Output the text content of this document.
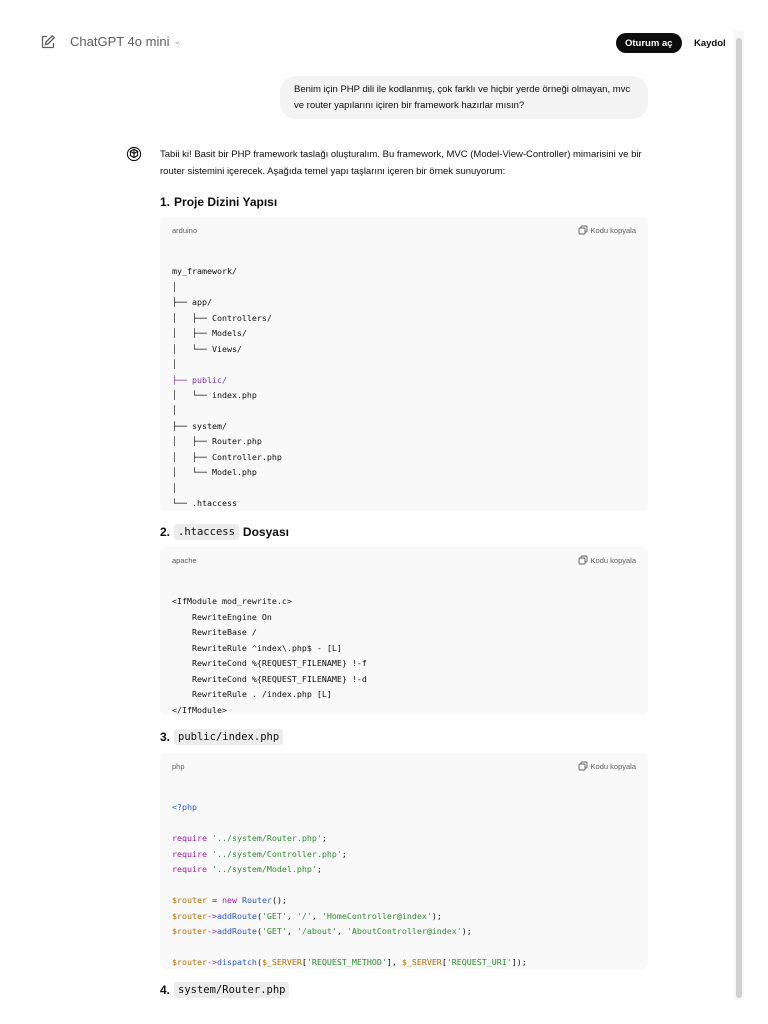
ChatGPT 4o mini ⌄	Oturum aç	Kaydol
Benim için PHP dili ile kodlanmış, çok farklı ve hiçbir yerde örneği olmayan, mvc ve router yapılarını içiren bir framework hazırlar mısın?
Tabii ki! Basit bir PHP framework taslağı oluşturalım. Bu framework, MVC (Model-View-Controller) mimarisini ve bir router sistemini içerecek. Aşağıda temel yapı taşlarını içeren bir örnek sunuyorum:
1. Proje Dizini Yapısı
arduino	Kodu kopyala

my_framework/
│
├── app/
│   ├── Controllers/
│   ├── Models/
│   └── Views/
│
├── public/
│   └── index.php
│
├── system/
│   ├── Router.php
│   ├── Controller.php
│   └── Model.php
│
└── .htaccess
2. .htaccess Dosyası
apache	Kodu kopyala

<IfModule mod_rewrite.c>
RewriteEngine On
RewriteBase /
RewriteRule ^index\.php$ - [L]
RewriteCond %{REQUEST_FILENAME} !-f
RewriteCond %{REQUEST_FILENAME} !-d
RewriteRule . /index.php [L]
</IfModule>
3. public/index.php
php	Kodu kopyala

<?php
require '../system/Router.php';
require '../system/Controller.php';
require '../system/Model.php';
$router = new Router();
$router->addRoute('GET', '/', 'HomeController@index');
$router->addRoute('GET', '/about', 'AboutController@index');
$router->dispatch($_SERVER['REQUEST_METHOD'], $_SERVER['REQUEST_URI']);
4. system/Router.php
